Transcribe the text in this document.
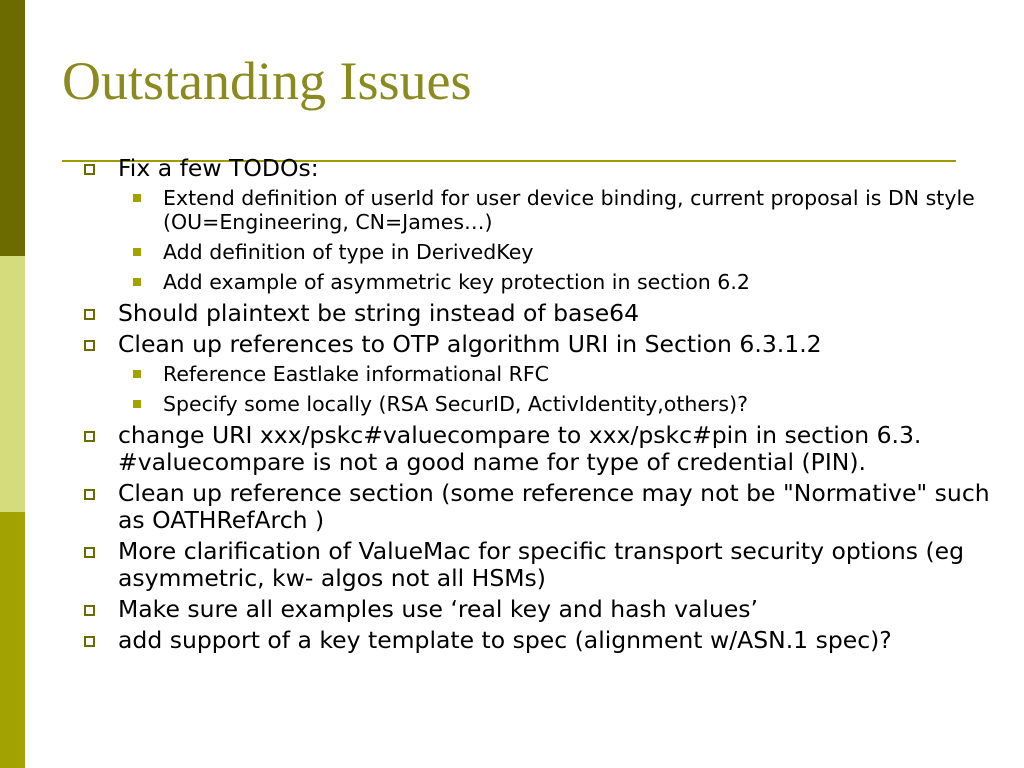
Outstanding Issues
Fix a few TODOs:
Extend definition of userId for user device binding, current proposal is DN style (OU=Engineering, CN=James…)
Add definition of type in DerivedKey
Add example of asymmetric key protection in section 6.2
Should plaintext be string instead of base64
Clean up references to OTP algorithm URI in Section 6.3.1.2
Reference Eastlake informational RFC
Specify some locally (RSA SecurID, ActivIdentity,others)?
change URI xxx/pskc#valuecompare to xxx/pskc#pin in section 6.3. #valuecompare is not a good name for type of credential (PIN).
Clean up reference section (some reference may not be "Normative" such as OATHRefArch )
More clarification of ValueMac for specific transport security options (eg asymmetric, kw- algos not all HSMs)
Make sure all examples use ‘real key and hash values’
add support of a key template to spec (alignment w/ASN.1 spec)?
